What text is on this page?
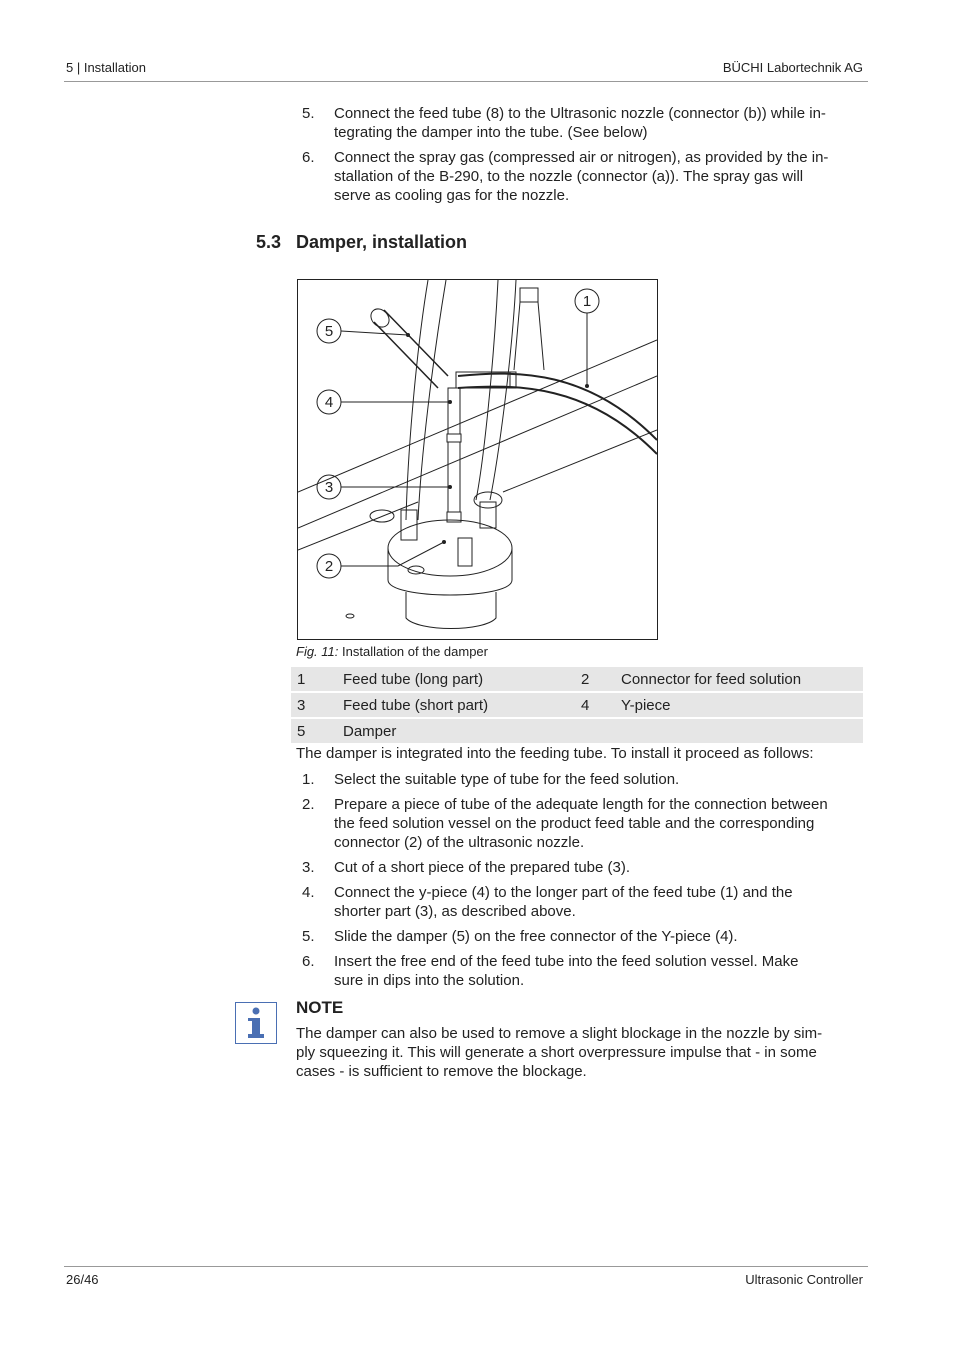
5 | Installation	BÜCHI Labortechnik AG
5. Connect the feed tube (8) to the Ultrasonic nozzle (connector (b)) while in-
tegrating the damper into the tube. (See below)
6. Connect the spray gas (compressed air or nitrogen), as provided by the in-
stallation of the B-290, to the nozzle (connector (a)). The spray gas will
serve as cooling gas for the nozzle.
5.3 Damper, installation
1
2
3
4
5
Fig. 11: Installation of the damper
1	Feed tube (long part)	2	Connector for feed solution
3	Feed tube (short part)	4	Y-piece
5	Damper		
The damper is integrated into the feeding tube. To install it proceed as follows:
1. Select the suitable type of tube for the feed solution.
2. Prepare a piece of tube of the adequate length for the connection between
the feed solution vessel on the product feed table and the corresponding
connector (2) of the ultrasonic nozzle.
3. Cut of a short piece of the prepared tube (3).
4. Connect the y-piece (4) to the longer part of the feed tube (1) and the
shorter part (3), as described above.
5. Slide the damper (5) on the free connector of the Y-piece (4).
6. Insert the free end of the feed tube into the feed solution vessel. Make
sure in dips into the solution.
NOTE
The damper can also be used to remove a slight blockage in the nozzle by sim-
ply squeezing it. This will generate a short overpressure impulse that - in some
cases - is sufficient to remove the blockage.
26/46	Ultrasonic Controller
